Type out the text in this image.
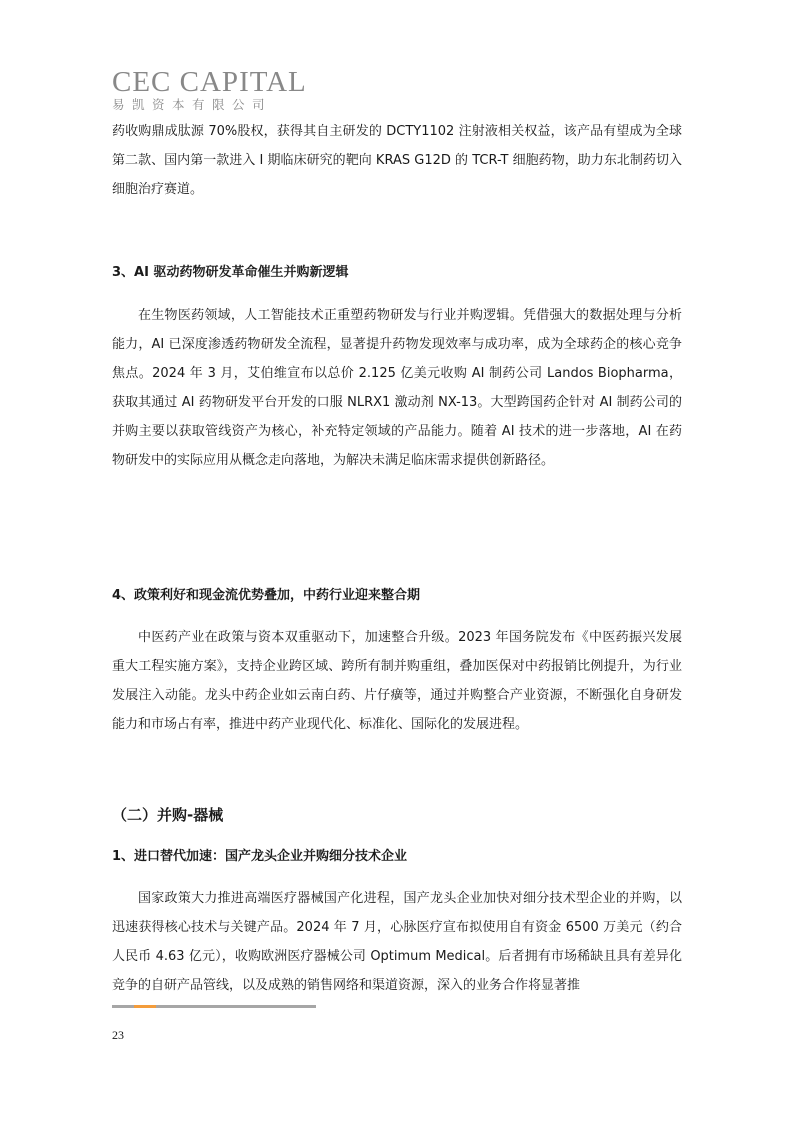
CEC CAPITAL
易凯资本有限公司

药收购鼎成肽源 70%股权，获得其自主研发的 DCTY1102 注射液相关权益，该产品有望成为全球第二款、国内第一款进入 I 期临床研究的靶向 KRAS G12D 的 TCR-T 细胞药物，助力东北制药切入细胞治疗赛道。

3、AI 驱动药物研发革命催生并购新逻辑

在生物医药领域，人工智能技术正重塑药物研发与行业并购逻辑。凭借强大的数据处理与分析能力，AI 已深度渗透药物研发全流程，显著提升药物发现效率与成功率，成为全球药企的核心竞争焦点。2024 年 3 月，艾伯维宣布以总价 2.125 亿美元收购 AI 制药公司 Landos Biopharma，获取其通过 AI 药物研发平台开发的口服 NLRX1 激动剂 NX-13。大型跨国药企针对 AI 制药公司的并购主要以获取管线资产为核心，补充特定领域的产品能力。随着 AI 技术的进一步落地，AI 在药物研发中的实际应用从概念走向落地，为解决未满足临床需求提供创新路径。

4、政策利好和现金流优势叠加，中药行业迎来整合期

中医药产业在政策与资本双重驱动下，加速整合升级。2023 年国务院发布《中医药振兴发展重大工程实施方案》，支持企业跨区域、跨所有制并购重组，叠加医保对中药报销比例提升，为行业发展注入动能。龙头中药企业如云南白药、片仔癀等，通过并购整合产业资源，不断强化自身研发能力和市场占有率，推进中药产业现代化、标准化、国际化的发展进程。

（二）并购-器械

1、进口替代加速：国产龙头企业并购细分技术企业

国家政策大力推进高端医疗器械国产化进程，国产龙头企业加快对细分技术型企业的并购，以迅速获得核心技术与关键产品。2024 年 7 月，心脉医疗宣布拟使用自有资金 6500 万美元（约合人民币 4.63 亿元），收购欧洲医疗器械公司 Optimum Medical。后者拥有市场稀缺且具有差异化竞争的自研产品管线，以及成熟的销售网络和渠道资源，深入的业务合作将显著推

23
